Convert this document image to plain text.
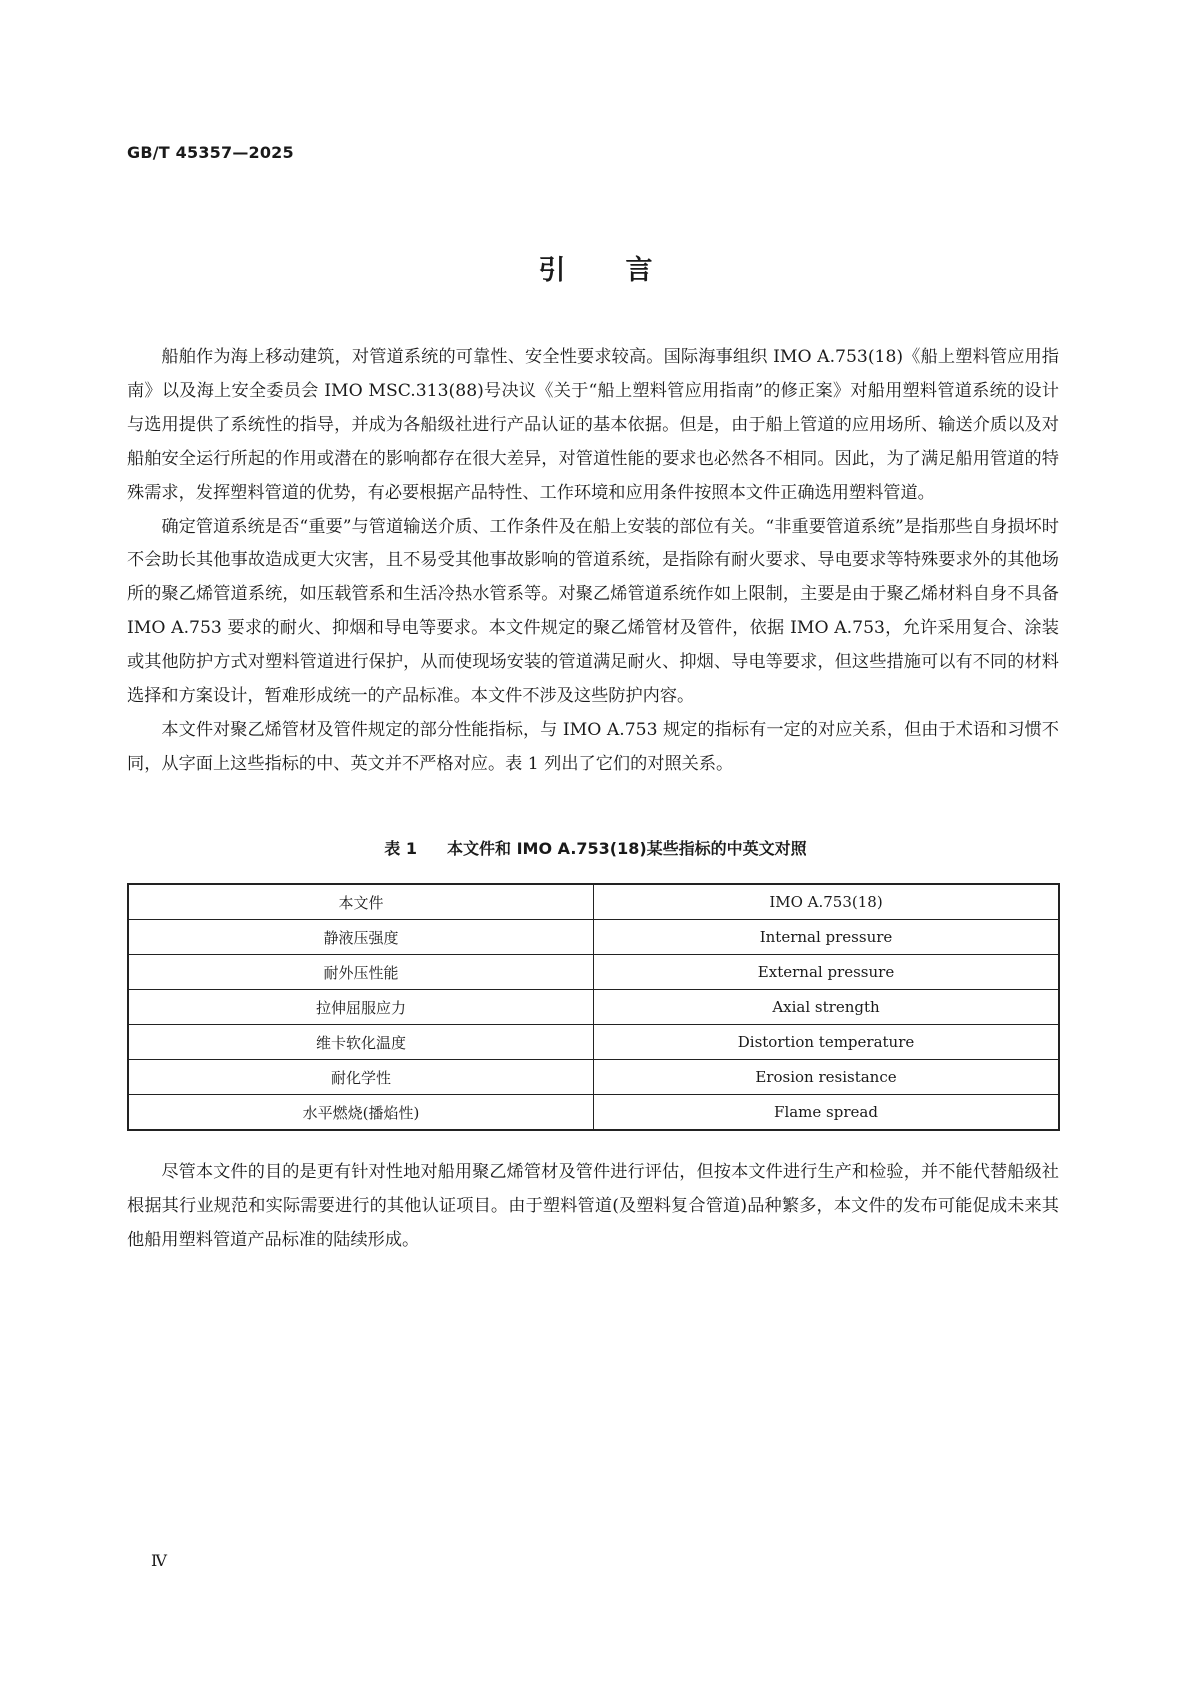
GB/T 45357—2025
引言

船舶作为海上移动建筑，对管道系统的可靠性、安全性要求较高。国际海事组织 IMO A.753(18)《船上塑料管应用指南》以及海上安全委员会 IMO MSC.313(88)号决议《关于“船上塑料管应用指南”的修正案》对船用塑料管道系统的设计与选用提供了系统性的指导，并成为各船级社进行产品认证的基本依据。但是，由于船上管道的应用场所、输送介质以及对船舶安全运行所起的作用或潜在的影响都存在很大差异，对管道性能的要求也必然各不相同。因此，为了满足船用管道的特殊需求，发挥塑料管道的优势，有必要根据产品特性、工作环境和应用条件按照本文件正确选用塑料管道。

确定管道系统是否“重要”与管道输送介质、工作条件及在船上安装的部位有关。“非重要管道系统”是指那些自身损坏时不会助长其他事故造成更大灾害，且不易受其他事故影响的管道系统，是指除有耐火要求、导电要求等特殊要求外的其他场所的聚乙烯管道系统，如压载管系和生活冷热水管系等。对聚乙烯管道系统作如上限制，主要是由于聚乙烯材料自身不具备 IMO A.753 要求的耐火、抑烟和导电等要求。本文件规定的聚乙烯管材及管件，依据 IMO A.753，允许采用复合、涂装或其他防护方式对塑料管道进行保护，从而使现场安装的管道满足耐火、抑烟、导电等要求，但这些措施可以有不同的材料选择和方案设计，暂难形成统一的产品标准。本文件不涉及这些防护内容。

本文件对聚乙烯管材及管件规定的部分性能指标，与 IMO A.753 规定的指标有一定的对应关系，但由于术语和习惯不同，从字面上这些指标的中、英文并不严格对应。表 1 列出了它们的对照关系。

表 1 本文件和 IMO A.753(18)某些指标的中英文对照
本文件	IMO A.753(18)
静液压强度	Internal pressure
耐外压性能	External pressure
拉伸屈服应力	Axial strength
维卡软化温度	Distortion temperature
耐化学性	Erosion resistance
水平燃烧(播焰性)	Flame spread

尽管本文件的目的是更有针对性地对船用聚乙烯管材及管件进行评估，但按本文件进行生产和检验，并不能代替船级社根据其行业规范和实际需要进行的其他认证项目。由于塑料管道(及塑料复合管道)品种繁多，本文件的发布可能促成未来其他船用塑料管道产品标准的陆续形成。

Ⅳ
